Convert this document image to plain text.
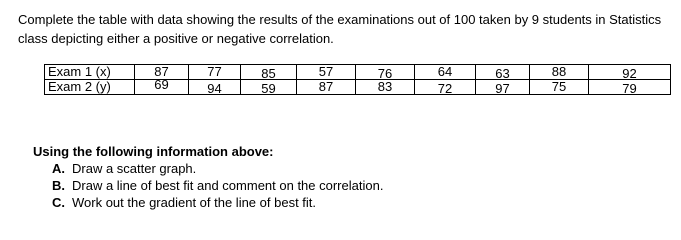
Complete the table with data showing the results of the examinations out of 100 taken by 9 students in Statistics class depicting either a positive or negative correlation.

Exam 1 (x)	87	77	85	57	76	64	63	88	92
Exam 2 (y)	69	94	59	87	83	72	97	75	79

Using the following information above:

A. Draw a scatter graph.
B. Draw a line of best fit and comment on the correlation.
C. Work out the gradient of the line of best fit.
